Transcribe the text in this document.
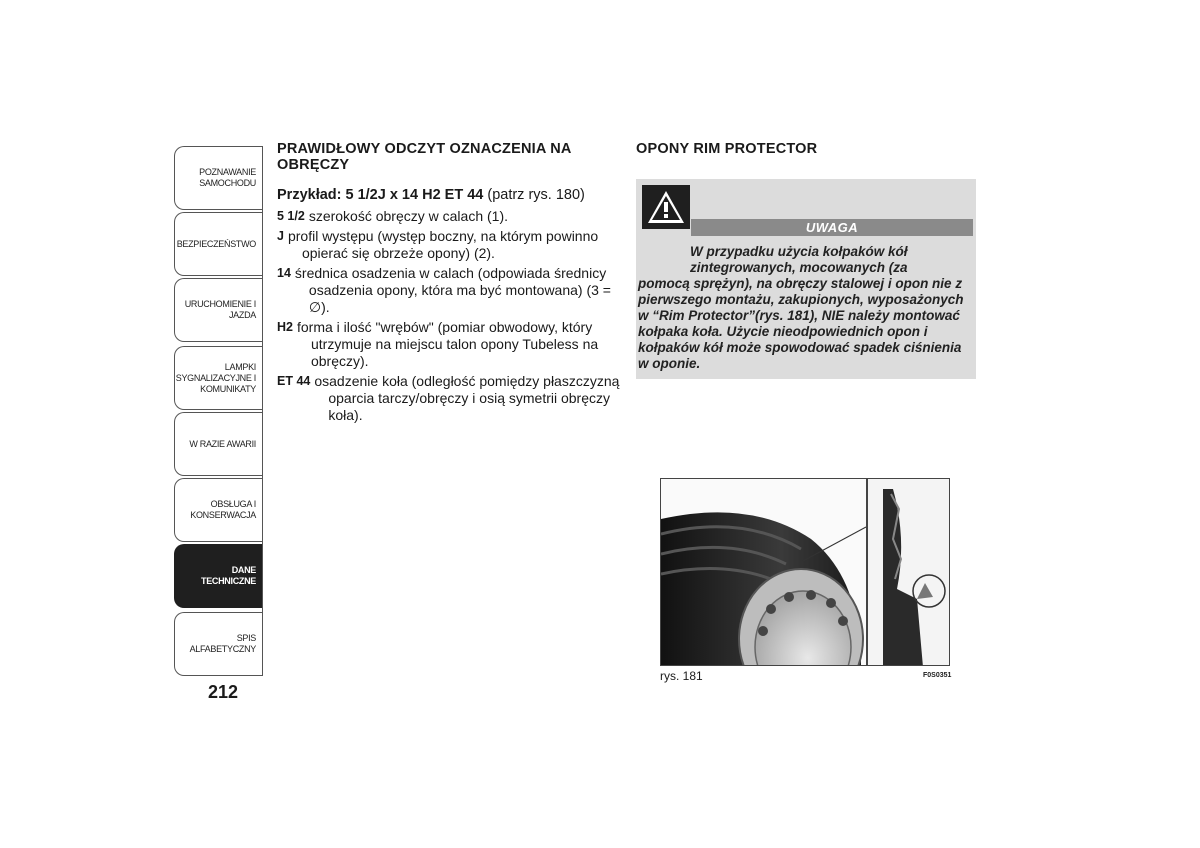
POZNAWANIE
SAMOCHODU
BEZPIECZEŃSTWO
URUCHOMIENIE I
JAZDA
LAMPKI
SYGNALIZACYJNE I
KOMUNIKATY
W RAZIE AWARII
OBSŁUGA I
KONSERWACJA
DANE
TECHNICZNE
SPIS ALFABETYCZNY
212
PRAWIDŁOWY ODCZYT OZNACZENIA NA OBRĘCZY
Przykład: 5 1/2J x 14 H2 ET 44 (patrz rys. 180)
5 1/2 szerokość obręczy w calach (1).
J profil występu (występ boczny, na którym powinno opierać się obrzeże opony) (2).
14 średnica osadzenia w calach (odpowiada średnicy osadzenia opony, która ma być montowana) (3 = ∅).
H2 forma i ilość "wrębów" (pomiar obwodowy, który utrzymuje na miejscu talon opony Tubeless na obręczy).
ET 44 osadzenie koła (odległość pomiędzy płaszczyzną oparcia tarczy/obręczy i osią symetrii obręczy koła).
OPONY RIM PROTECTOR
UWAGA
W przypadku użycia kołpaków kół zintegrowanych, mocowanych (za
pomocą sprężyn), na obręczy stalowej i opon nie z pierwszego montażu, zakupionych, wyposażonych w “Rim Protector”(rys. 181), NIE należy montować kołpaka koła. Użycie nieodpowiednich opon i kołpaków kół może spowodować spadek ciśnienia w oponie.
rys. 181	F0S0351
